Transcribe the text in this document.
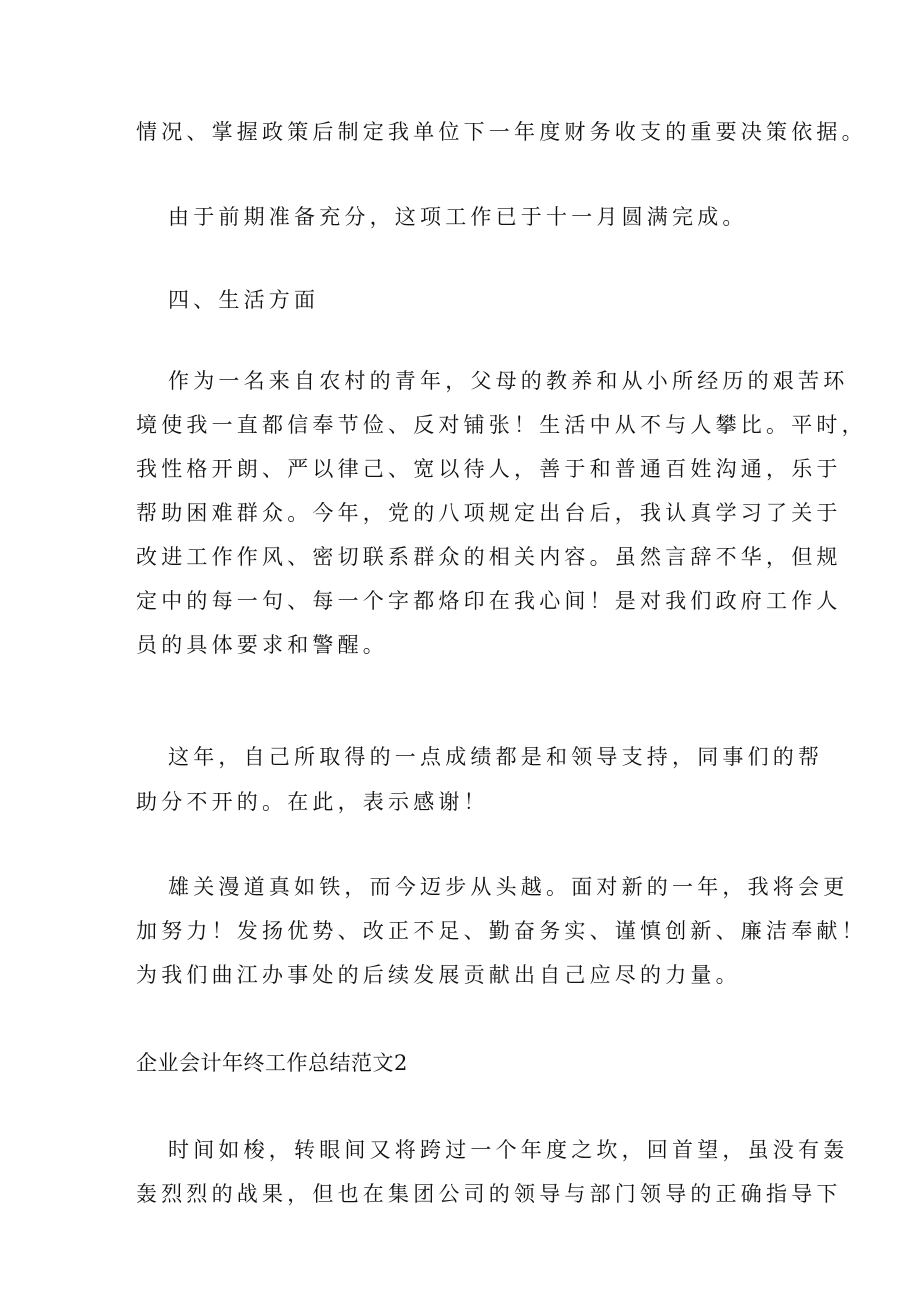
情况、掌握政策后制定我单位下一年度财务收支的重要决策依据。
由于前期准备充分，这项工作已于十一月圆满完成。
四、生活方面
作为一名来自农村的青年，父母的教养和从小所经历的艰苦环
境使我一直都信奉节俭、反对铺张！生活中从不与人攀比。平时，
我性格开朗、严以律己、宽以待人，善于和普通百姓沟通，乐于
帮助困难群众。今年，党的八项规定出台后，我认真学习了关于
改进工作作风、密切联系群众的相关内容。虽然言辞不华，但规
定中的每一句、每一个字都烙印在我心间！是对我们政府工作人
员的具体要求和警醒。
这年，自己所取得的一点成绩都是和领导支持，同事们的帮
助分不开的。在此，表示感谢！
雄关漫道真如铁，而今迈步从头越。面对新的一年，我将会更
加努力！发扬优势、改正不足、勤奋务实、谨慎创新、廉洁奉献！
为我们曲江办事处的后续发展贡献出自己应尽的力量。
企业会计年终工作总结范文2
时间如梭，转眼间又将跨过一个年度之坎，回首望，虽没有轰
轰烈烈的战果，但也在集团公司的领导与部门领导的正确指导下
